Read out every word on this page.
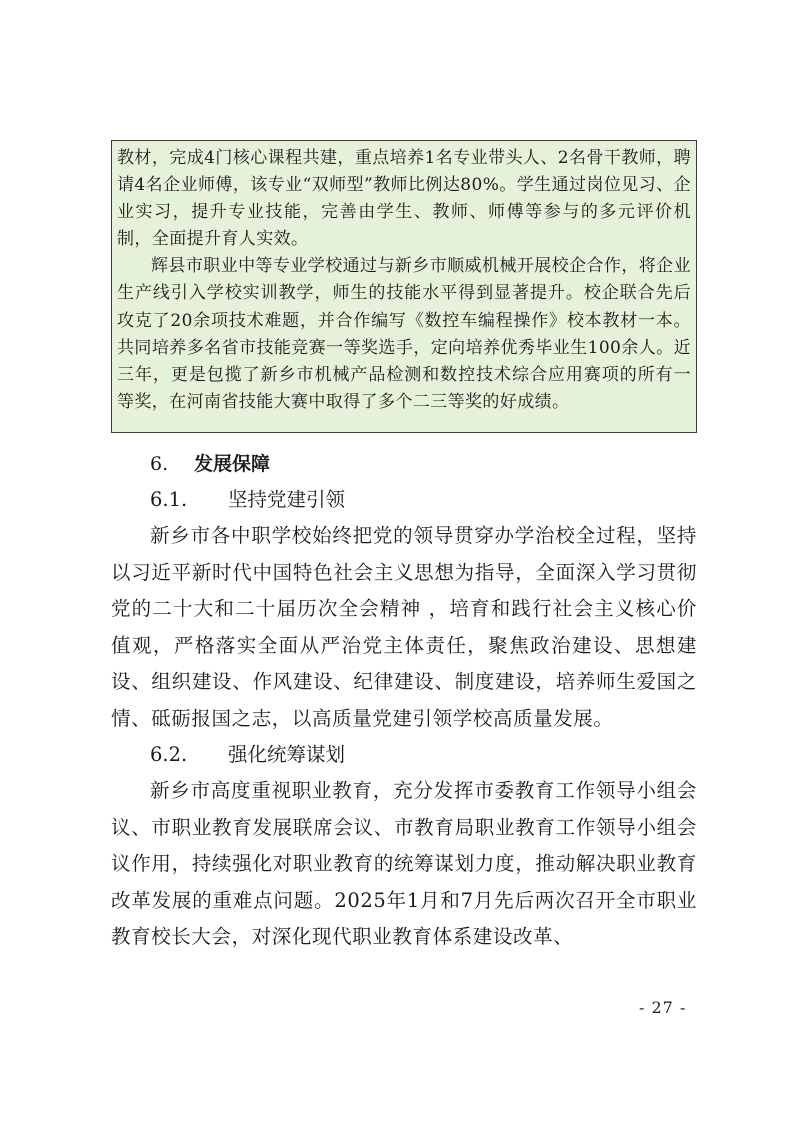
教材，完成4门核心课程共建，重点培养1名专业带头人、2名骨干教师，聘请4名企业师傅，该专业“双师型”教师比例达80%。学生通过岗位见习、企业实习，提升专业技能，完善由学生、教师、师傅等参与的多元评价机制，全面提升育人实效。

辉县市职业中等专业学校通过与新乡市顺威机械开展校企合作，将企业生产线引入学校实训教学，师生的技能水平得到显著提升。校企联合先后攻克了20余项技术难题，并合作编写《数控车编程操作》校本教材一本。共同培养多名省市技能竞赛一等奖选手，定向培养优秀毕业生100余人。近三年，更是包揽了新乡市机械产品检测和数控技术综合应用赛项的所有一等奖，在河南省技能大赛中取得了多个二三等奖的好成绩。

6. 发展保障
6.1. 坚持党建引领

新乡市各中职学校始终把党的领导贯穿办学治校全过程，坚持以习近平新时代中国特色社会主义思想为指导，全面深入学习贯彻党的二十大和二十届历次全会精神 ，培育和践行社会主义核心价值观，严格落实全面从严治党主体责任，聚焦政治建设、思想建设、组织建设、作风建设、纪律建设、制度建设，培养师生爱国之情、砥砺报国之志，以高质量党建引领学校高质量发展。

6.2. 强化统筹谋划

新乡市高度重视职业教育，充分发挥市委教育工作领导小组会议、市职业教育发展联席会议、市教育局职业教育工作领导小组会议作用，持续强化对职业教育的统筹谋划力度，推动解决职业教育改革发展的重难点问题。2025年1月和7月先后两次召开全市职业教育校长大会，对深化现代职业教育体系建设改革、

- 27 -
